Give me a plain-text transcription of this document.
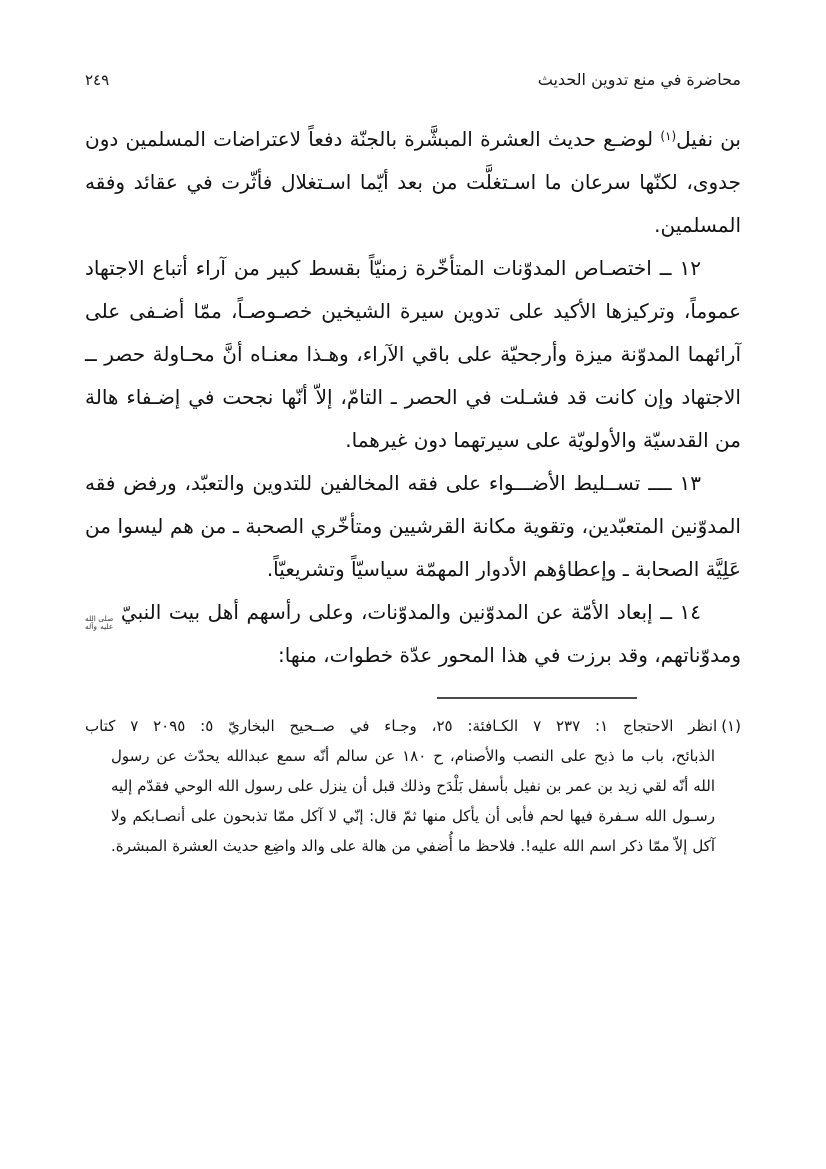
محاضرة في منع تدوين الحديث
٢٤٩
بن نفيل$^{(١)}$ لوضـع حديث العشرة المبشَّرة بالجنّة دفعاً لاعتراضات المسلمين دون
جدوى، لكنّها سرعان ما اسـتغلَّت من بعد أيّما اسـتغلال فأثّرت في عقائد وفقه
المسلمين.
١٢ ــ اختصـاص المدوّنات المتأخّرة زمنيّاً بقسط كبير من آراء أتباع الاجتهاد
عموماً، وتركيزها الأكيد على تدوين سيرة الشيخين خصـوصـاً، ممّا أضـفى على
آرائهما المدوّنة ميزة وأرجحيّة على باقي الآراء، وهـذا معنـاه أنَّ محـاولة حصر ــ
الاجتهاد وإن كانت قد فشـلت في الحصر ـ التامّ، إلاّ أنّها نجحت في إضـفاء هالة
من القدسيّة والأولويّة على سيرتهما دون غيرهما.
١٣ ــــ تســليط الأضـــواء على فقه المخالفين للتدوين والتعبّد، ورفض فقه
المدوّنين المتعبّدين، وتقوية مكانة القرشيين ومتأخّري الصحبة ـ من هم ليسوا من
عَلِيَّة الصحابة ـ وإعطاؤهم الأدوار المهمّة سياسيّاً وتشريعيّاً.
١٤ ــ إبعاد الأمّة عن المدوّنين والمدوّنات، وعلى رأسهم أهل بيت النبيّ
صلى الله
عليه وآله
ومدوّناتهم، وقد برزت في هذا المحور عدّة خطوات، منها:
(١)انظر الاحتجاج ١: ٢٣٧ ٧ الكـافئة: ٢٥، وجـاء في صــحيح البخاريّ ٥: ٢٠٩٥ ٧ كتاب
الذبائح، باب ما ذبح على النصب والأصنام، ح ١٨٠ عن سالم أنّه سمع عبدالله يحدّث عن رسول
الله أنّه لقي زيد بن عمر بن نفيل بأسفل بَلْدَح وذلك قبل أن ينزل على رسول الله الوحي فقدّم إليه
رسـول الله سـفرة فيها لحم فأبى أن يأكل منها ثمّ قال: إنّي لا آكل ممّا تذبحون على أنصـابكم ولا
آكل إلاّ ممّا ذكر اسم الله عليه!. فلاحظ ما أُضفي من هالة على والد واضِع حديث العشرة المبشرة.
